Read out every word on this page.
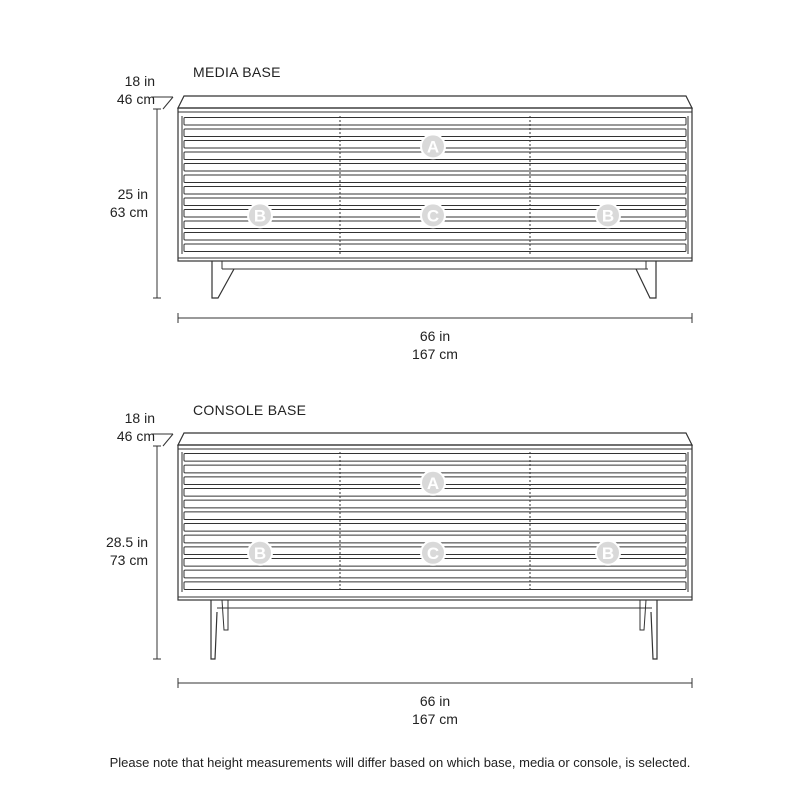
MEDIA BASE
18 in
46 cm
25 in
63 cm
66 in
167 cm
A
B	C	B
CONSOLE BASE
18 in
46 cm
28.5 in
73 cm
66 in
167 cm
A
B	C	B
Please note that height measurements will differ based on which base, media or console, is selected.
